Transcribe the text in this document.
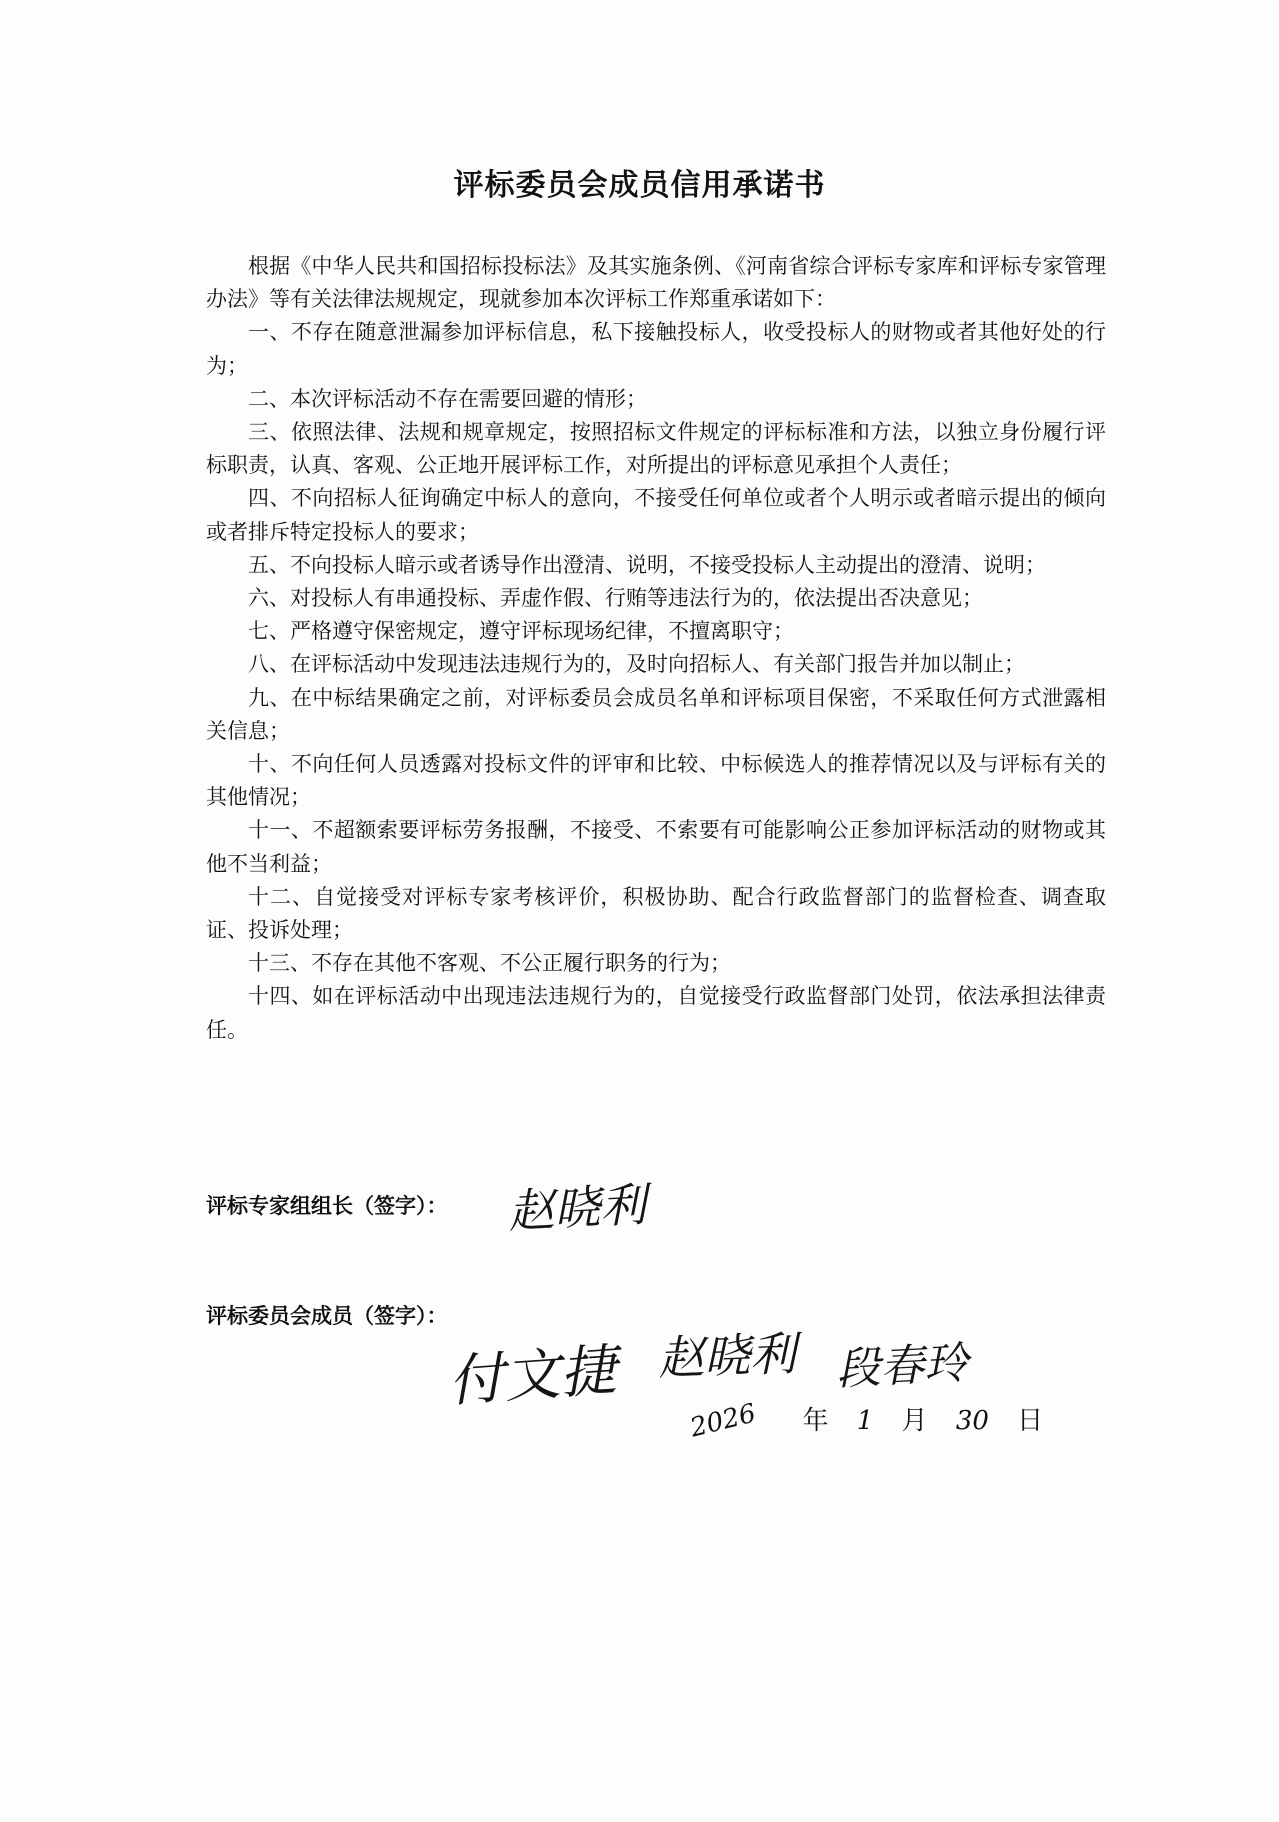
评标委员会成员信用承诺书

根据《中华人民共和国招标投标法》及其实施条例、《河南省综合评标专家库和评标专家管理办法》等有关法律法规规定，现就参加本次评标工作郑重承诺如下：

一、不存在随意泄漏参加评标信息，私下接触投标人，收受投标人的财物或者其他好处的行为；

二、本次评标活动不存在需要回避的情形；

三、依照法律、法规和规章规定，按照招标文件规定的评标标准和方法，以独立身份履行评标职责，认真、客观、公正地开展评标工作，对所提出的评标意见承担个人责任；

四、不向招标人征询确定中标人的意向，不接受任何单位或者个人明示或者暗示提出的倾向或者排斥特定投标人的要求；

五、不向投标人暗示或者诱导作出澄清、说明，不接受投标人主动提出的澄清、说明；

六、对投标人有串通投标、弄虚作假、行贿等违法行为的，依法提出否决意见；

七、严格遵守保密规定，遵守评标现场纪律，不擅离职守；

八、在评标活动中发现违法违规行为的，及时向招标人、有关部门报告并加以制止；

九、在中标结果确定之前，对评标委员会成员名单和评标项目保密，不采取任何方式泄露相关信息；

十、不向任何人员透露对投标文件的评审和比较、中标候选人的推荐情况以及与评标有关的其他情况；

十一、不超额索要评标劳务报酬，不接受、不索要有可能影响公正参加评标活动的财物或其他不当利益；

十二、自觉接受对评标专家考核评价，积极协助、配合行政监督部门的监督检查、调查取证、投诉处理；

十三、不存在其他不客观、不公正履行职务的行为；

十四、如在评标活动中出现违法违规行为的，自觉接受行政监督部门处罚，依法承担法律责任。

评标专家组组长（签字）： 赵晓利
评标委员会成员（签字）：
付文捷 赵晓利 段春玲
2026 年 1 月 30 日
